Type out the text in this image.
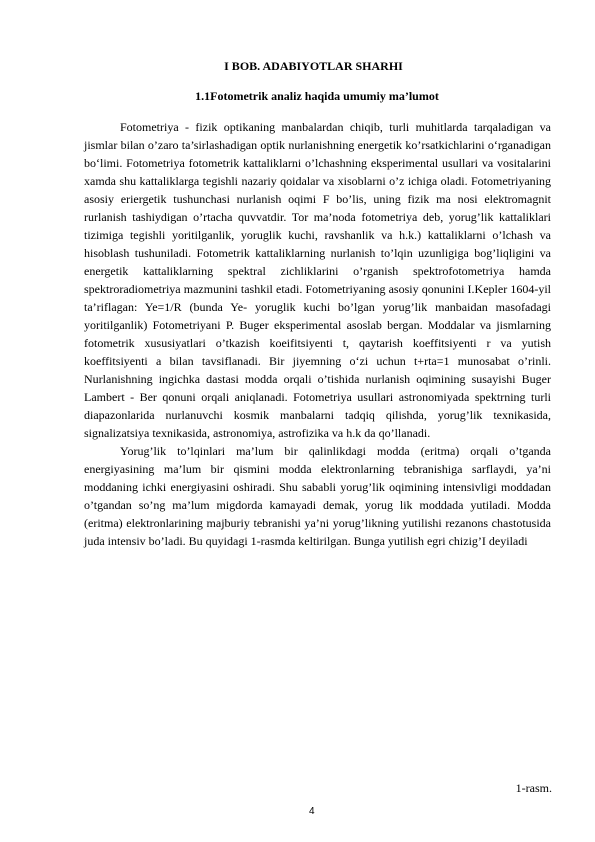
I BOB. ADABIYOTLAR SHARHI
1.1Fotometrik analiz haqida umumiy ma’lumot

Fotometriya - fizik optikaning manbalardan chiqib, turli muhitlarda tarqaladigan va jismlar bilan o’zaro ta’sirlashadigan optik nurlanishning energetik ko’rsatkichlarini o‘rganadigan bo‘limi. Fotometriya fotometrik kattaliklarni o’lchashning eksperimental usullari va vositalarini xamda shu kattaliklarga tegishli nazariy qoidalar va xisoblarni o’z ichiga oladi. Fotometriyaning asosiy eriergetik tushunchasi nurlanish oqimi F bo’lis, uning fizik ma nosi elektromagnit rurlanish tashiydigan o’rtacha quvvatdir. Tor ma’noda fotometriya deb, yorug’lik kattaliklari tizimiga tegishli yoritilganlik, yoruglik kuchi, ravshanlik va h.k.) kattaliklarni o’lchash va hisoblash tushuniladi. Fotometrik kattaliklarning nurlanish to’lqin uzunligiga bog’liqligini va energetik kattaliklarning spektral zichliklarini o’rganish spektrofotometriya hamda spektroradiometriya mazmunini tashkil etadi. Fotometriyaning asosiy qonunini I.Kepler 1604-yil ta’riflagan: Ye=1/R (bunda Ye- yoruglik kuchi bo’lgan yorug’lik manbaidan masofadagi yoritilganlik) Fotometriyani P. Buger eksperimental asoslab bergan. Moddalar va jismlarning fotometrik xususiyatlari o’tkazish koeifitsiyenti t, qaytarish koeffitsiyenti r va yutish koeffitsiyenti a bilan tavsiflanadi. Bir jiyemning o‘zi uchun t+rta=1 munosabat o’rinli. Nurlanishning ingichka dastasi modda orqali o’tishida nurlanish oqimining susayishi Buger Lambert - Ber qonuni orqali aniqlanadi. Fotometriya usullari astronomiyada spektrning turli diapazonlarida nurlanuvchi kosmik manbalarni tadqiq qilishda, yorug’lik texnikasida, signalizatsiya texnikasida, astronomiya, astrofizika va h.k da qo’llanadi.

Yorug’lik to’lqinlari ma’lum bir qalinlikdagi modda (eritma) orqali o’tganda energiyasining ma’lum bir qismini modda elektronlarning tebranishiga sarflaydi, ya’ni moddaning ichki energiyasini oshiradi. Shu sababli yorug’lik oqimining intensivligi moddadan o’tgandan so’ng ma’lum migdorda kamayadi demak, yorug lik moddada yutiladi. Modda (eritma) elektronlarining majburiy tebranishi ya’ni yorug’likning yutilishi rezanons chastotusida juda intensiv bo’ladi. Bu quyidagi 1-rasmda keltirilgan. Bunga yutilish egri chizig’I deyiladi

1-rasm.

4
